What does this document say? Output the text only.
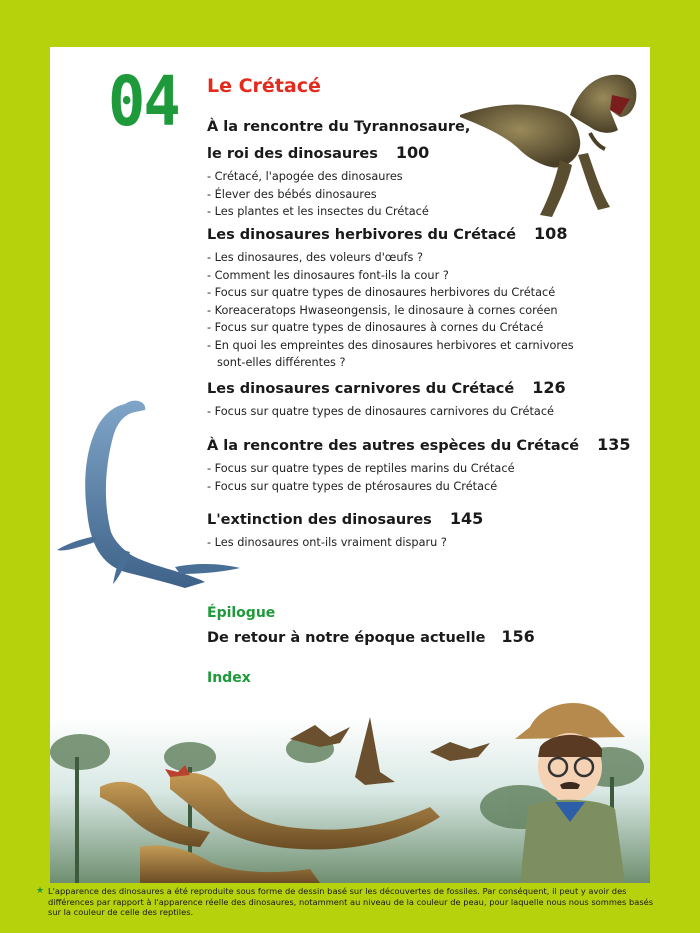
04 Le Crétacé
À la rencontre du Tyrannosaure,
le roi des dinosaures 100
- Crétacé, l'apogée des dinosaures
- Élever des bébés dinosaures
- Les plantes et les insectes du Crétacé
Les dinosaures herbivores du Crétacé 108
- Les dinosaures, des voleurs d'œufs ?
- Comment les dinosaures font-ils la cour ?
- Focus sur quatre types de dinosaures herbivores du Crétacé
- Koreaceratops Hwaseongensis, le dinosaure à cornes coréen
- Focus sur quatre types de dinosaures à cornes du Crétacé
- En quoi les empreintes des dinosaures herbivores et carnivores
sont-elles différentes ?
Les dinosaures carnivores du Crétacé 126
- Focus sur quatre types de dinosaures carnivores du Crétacé
À la rencontre des autres espèces du Crétacé 135
- Focus sur quatre types de reptiles marins du Crétacé
- Focus sur quatre types de ptérosaures du Crétacé
L'extinction des dinosaures 145
- Les dinosaures ont-ils vraiment disparu ?
Épilogue
De retour à notre époque actuelle 156
Index
★ L'apparence des dinosaures a été reproduite sous forme de dessin basé sur les découvertes de fossiles. Par conséquent, il peut y avoir des différences par rapport à l'apparence réelle des dinosaures, notamment au niveau de la couleur de peau, pour laquelle nous nous sommes basés sur la couleur de celle des reptiles.
